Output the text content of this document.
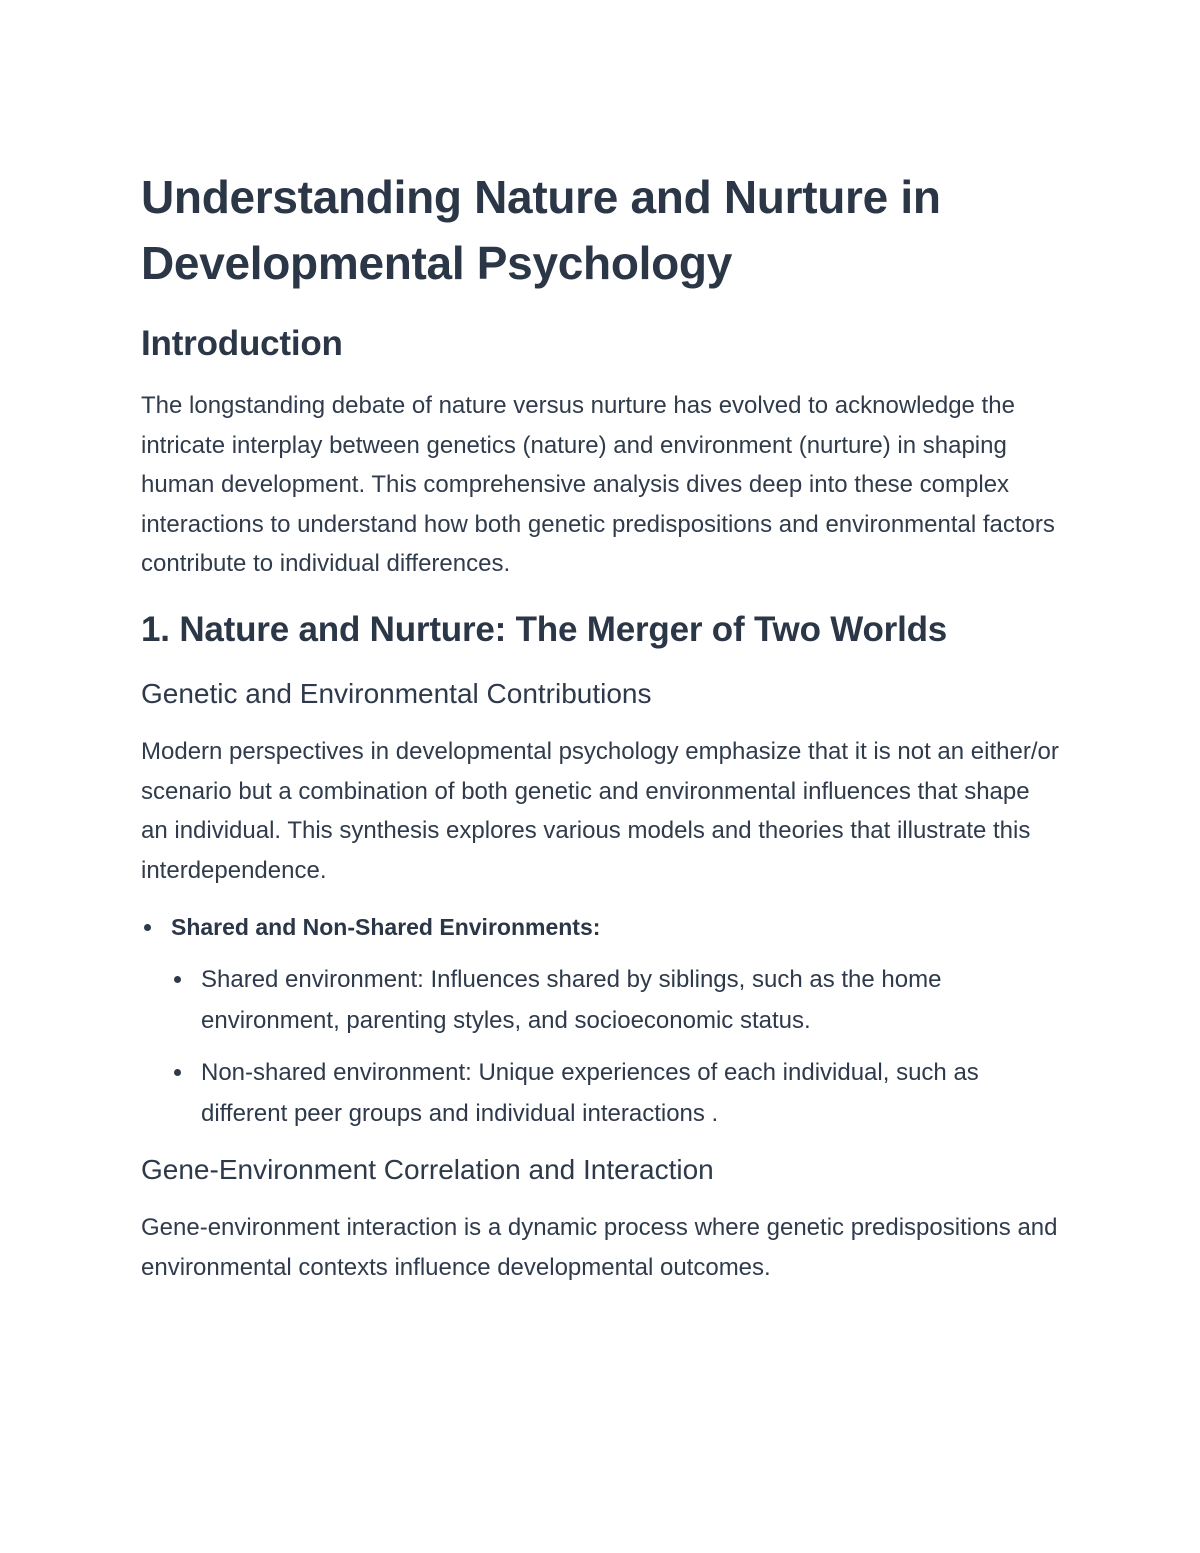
Understanding Nature and Nurture in Developmental Psychology
Introduction

The longstanding debate of nature versus nurture has evolved to acknowledge the intricate interplay between genetics (nature) and environment (nurture) in shaping human development. This comprehensive analysis dives deep into these complex interactions to understand how both genetic predispositions and environmental factors contribute to individual differences.

1. Nature and Nurture: The Merger of Two Worlds
Genetic and Environmental Contributions

Modern perspectives in developmental psychology emphasize that it is not an either/or scenario but a combination of both genetic and environmental influences that shape an individual. This synthesis explores various models and theories that illustrate this interdependence.

Shared and Non-Shared Environments:
Shared environment: Influences shared by siblings, such as the home environment, parenting styles, and socioeconomic status.
Non-shared environment: Unique experiences of each individual, such as different peer groups and individual interactions .
Gene-Environment Correlation and Interaction

Gene-environment interaction is a dynamic process where genetic predispositions and environmental contexts influence developmental outcomes.
